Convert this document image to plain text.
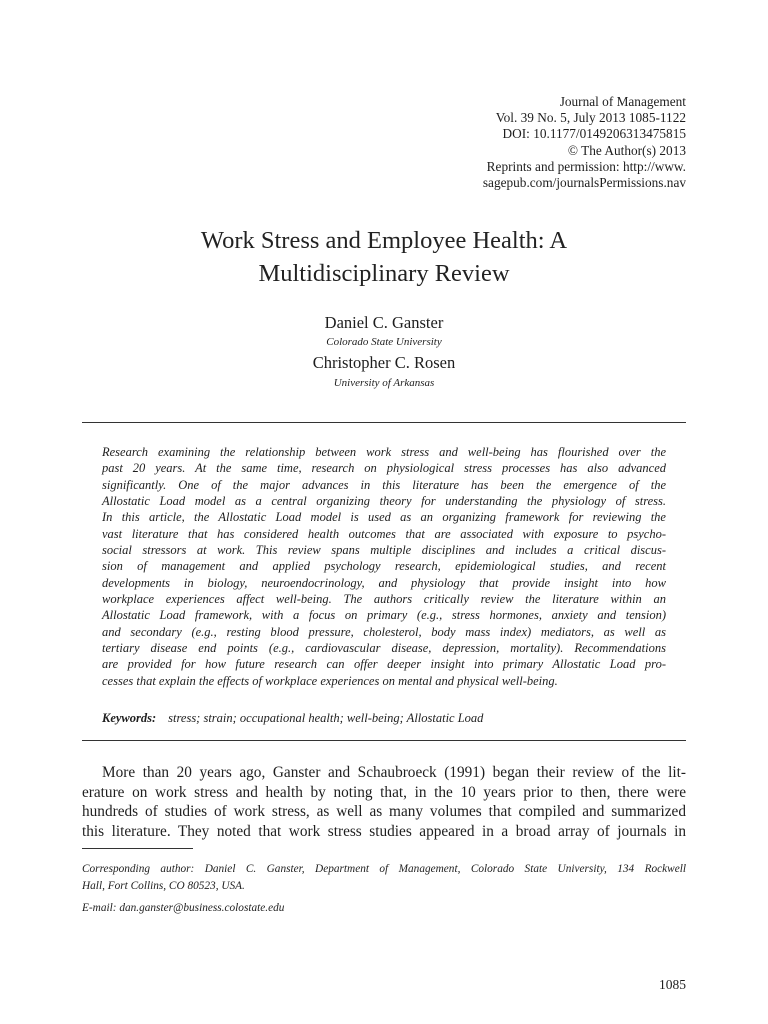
Journal of Management
Vol. 39 No. 5, July 2013 1085-1122
DOI: 10.1177/0149206313475815
© The Author(s) 2013
Reprints and permission: http://www.
sagepub.com/journalsPermissions.nav
Work Stress and Employee Health: A
Multidisciplinary Review
Daniel C. Ganster
Colorado State University
Christopher C. Rosen
University of Arkansas
Research examining the relationship between work stress and well-being has flourished over the
past 20 years. At the same time, research on physiological stress processes has also advanced
significantly. One of the major advances in this literature has been the emergence of the
Allostatic Load model as a central organizing theory for understanding the physiology of stress.
In this article, the Allostatic Load model is used as an organizing framework for reviewing the
vast literature that has considered health outcomes that are associated with exposure to psycho-
social stressors at work. This review spans multiple disciplines and includes a critical discus-
sion of management and applied psychology research, epidemiological studies, and recent
developments in biology, neuroendocrinology, and physiology that provide insight into how
workplace experiences affect well-being. The authors critically review the literature within an
Allostatic Load framework, with a focus on primary (e.g., stress hormones, anxiety and tension)
and secondary (e.g., resting blood pressure, cholesterol, body mass index) mediators, as well as
tertiary disease end points (e.g., cardiovascular disease, depression, mortality). Recommendations
are provided for how future research can offer deeper insight into primary Allostatic Load pro-
cesses that explain the effects of workplace experiences on mental and physical well-being.
Keywords: stress; strain; occupational health; well-being; Allostatic Load
More than 20 years ago, Ganster and Schaubroeck (1991) began their review of the lit-
erature on work stress and health by noting that, in the 10 years prior to then, there were
hundreds of studies of work stress, as well as many volumes that compiled and summarized
this literature. They noted that work stress studies appeared in a broad array of journals in
Corresponding author: Daniel C. Ganster, Department of Management, Colorado State University, 134 Rockwell
Hall, Fort Collins, CO 80523, USA.
E-mail: dan.ganster@business.colostate.edu
1085
